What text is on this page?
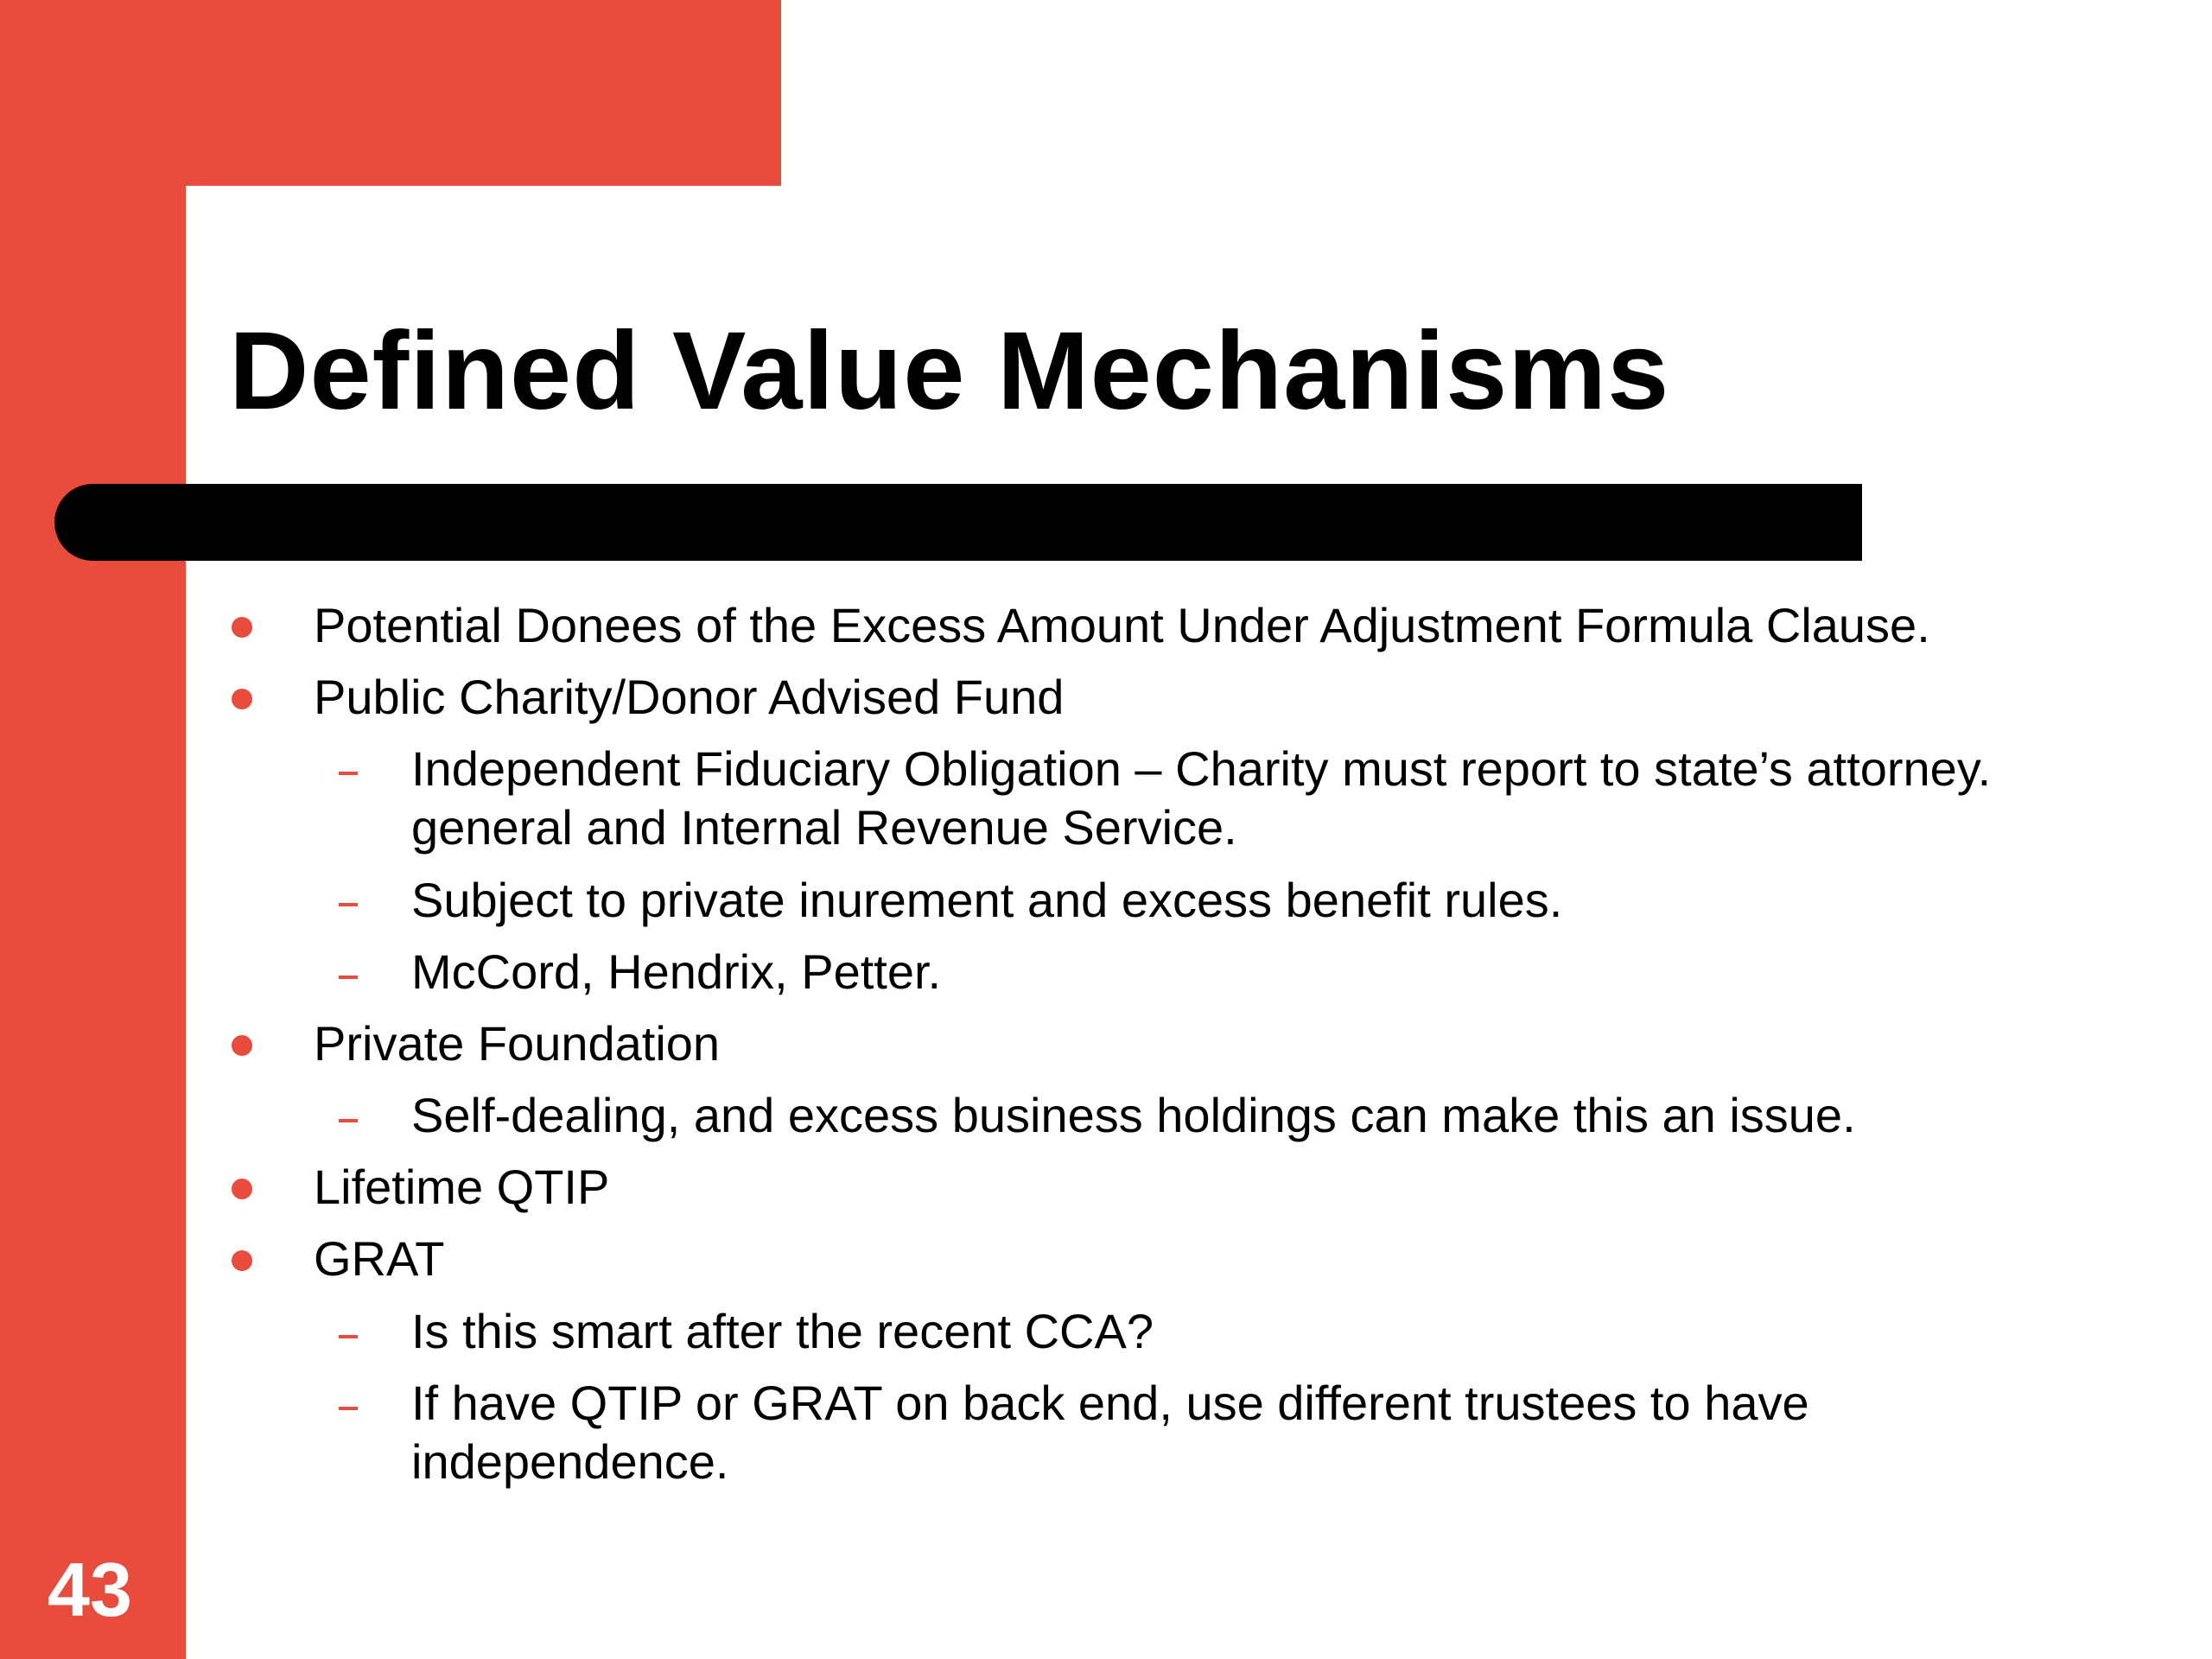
Defined Value Mechanisms
Potential Donees of the Excess Amount Under Adjustment Formula Clause.
Public Charity/Donor Advised Fund
Independent Fiduciary Obligation – Charity must report to state’s attorney.
general and Internal Revenue Service.
Subject to private inurement and excess benefit rules.
McCord, Hendrix, Petter.
Private Foundation
Self-dealing, and excess business holdings can make this an issue.
Lifetime QTIP
GRAT
Is this smart after the recent CCA?
If have QTIP or GRAT on back end, use different trustees to have
independence.
43
